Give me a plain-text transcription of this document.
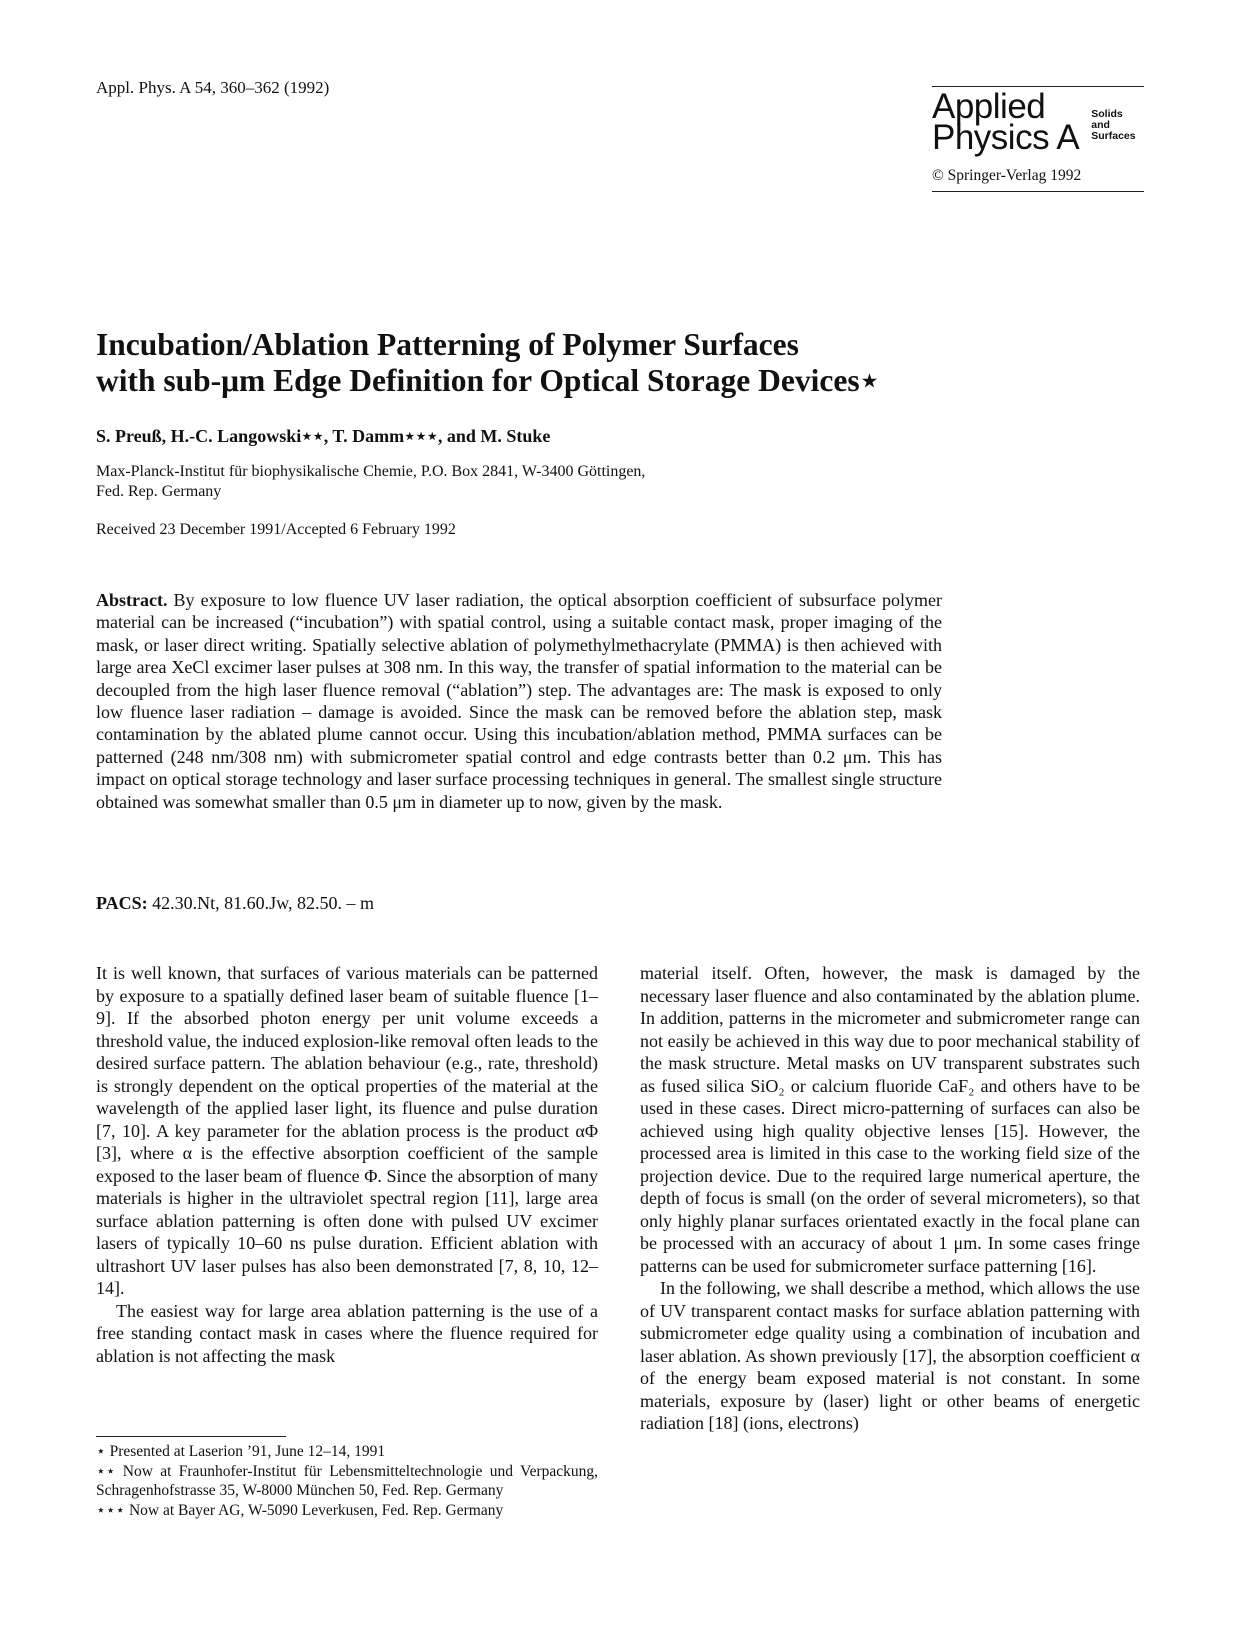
Appl. Phys. A 54, 360–362 (1992)	Applied
Physics A
Solids
and
Surfaces
© Springer-Verlag 1992
Incubation/Ablation Patterning of Polymer Surfaces
with sub-μm Edge Definition for Optical Storage Devices⋆
S. Preuß, H.-C. Langowski⋆⋆, T. Damm⋆⋆⋆, and M. Stuke
Max-Planck-Institut für biophysikalische Chemie, P.O. Box 2841, W-3400 Göttingen,
Fed. Rep. Germany
Received 23 December 1991/Accepted 6 February 1992
Abstract. By exposure to low fluence UV laser radiation, the optical absorption coefficient of subsurface polymer material can be increased (“incubation”) with spatial control, using a suitable contact mask, proper imaging of the mask, or laser direct writing. Spatially selective ablation of polymethylmethacrylate (PMMA) is then achieved with large area XeCl excimer laser pulses at 308 nm. In this way, the transfer of spatial information to the material can be decoupled from the high laser fluence removal (“ablation”) step. The advantages are: The mask is exposed to only low fluence laser radiation – damage is avoided. Since the mask can be removed before the ablation step, mask contamination by the ablated plume cannot occur. Using this incubation/ablation method, PMMA surfaces can be patterned (248 nm/308 nm) with submicrometer spatial control and edge contrasts better than 0.2 μm. This has impact on optical storage technology and laser surface processing techniques in general. The smallest single structure obtained was somewhat smaller than 0.5 μm in diameter up to now, given by the mask.
PACS: 42.30.Nt, 81.60.Jw, 82.50. – m

It is well known, that surfaces of various materials can be patterned by exposure to a spatially defined laser beam of suitable fluence [1–9]. If the absorbed photon energy per unit volume exceeds a threshold value, the induced explosion-like removal often leads to the desired surface pattern. The ablation behaviour (e.g., rate, threshold) is strongly dependent on the optical properties of the material at the wavelength of the applied laser light, its fluence and pulse duration [7, 10]. A key parameter for the ablation process is the product αΦ [3], where α is the effective absorption coefficient of the sample exposed to the laser beam of fluence Φ. Since the absorption of many materials is higher in the ultraviolet spectral region [11], large area surface ablation patterning is often done with pulsed UV excimer lasers of typically 10–60 ns pulse duration. Efficient ablation with ultrashort UV laser pulses has also been demonstrated [7, 8, 10, 12–14].

The easiest way for large area ablation patterning is the use of a free standing contact mask in cases where the fluence required for ablation is not affecting the mask

material itself. Often, however, the mask is damaged by the necessary laser fluence and also contaminated by the ablation plume. In addition, patterns in the micrometer and submicrometer range can not easily be achieved in this way due to poor mechanical stability of the mask structure. Metal masks on UV transparent substrates such as fused silica SiO₂ or calcium fluoride CaF₂ and others have to be used in these cases. Direct micro-patterning of surfaces can also be achieved using high quality objective lenses [15]. However, the processed area is limited in this case to the working field size of the projection device. Due to the required large numerical aperture, the depth of focus is small (on the order of several micrometers), so that only highly planar surfaces orientated exactly in the focal plane can be processed with an accuracy of about 1 μm. In some cases fringe patterns can be used for submicrometer surface patterning [16].

In the following, we shall describe a method, which allows the use of UV transparent contact masks for surface ablation patterning with submicrometer edge quality using a combination of incubation and laser ablation. As shown previously [17], the absorption coefficient α of the energy beam exposed material is not constant. In some materials, exposure by (laser) light or other beams of energetic radiation [18] (ions, electrons)

⋆ Presented at Laserion ’91, June 12–14, 1991

⋆⋆ Now at Fraunhofer-Institut für Lebensmitteltechnologie und Verpackung, Schragenhofstrasse 35, W-8000 München 50, Fed. Rep. Germany

⋆⋆⋆ Now at Bayer AG, W-5090 Leverkusen, Fed. Rep. Germany
